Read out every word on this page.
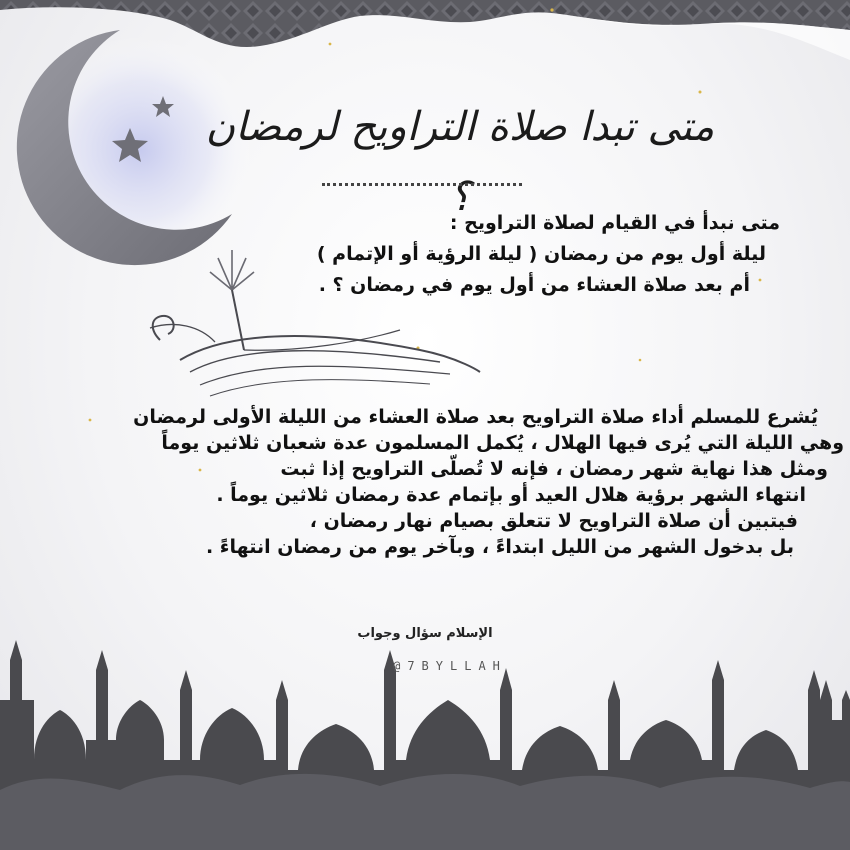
متى تبدا صلاة التراويح لرمضان ؟
متى نبدأ في القيام لصلاة التراويح :
ليلة أول يوم من رمضان ( ليلة الرؤية أو الإتمام )
أم بعد صلاة العشاء من أول يوم في رمضان ؟ .
يُشرع للمسلم أداء صلاة التراويح بعد صلاة العشاء من الليلة الأولى لرمضان
وهي الليلة التي يُرى فيها الهلال ، يُكمل المسلمون عدة شعبان ثلاثين يوماً
ومثل هذا نهاية شهر رمضان ، فإنه لا تُصلّى التراويح إذا ثبت
انتهاء الشهر برؤية هلال العيد أو بإتمام عدة رمضان ثلاثين يوماً .
فيتبين أن صلاة التراويح لا تتعلق بصيام نهار رمضان ،
بل بدخول الشهر من الليل ابتداءً ، وبآخر يوم من رمضان انتهاءً .
الإسلام سؤال وجواب
@7BYLLAH
